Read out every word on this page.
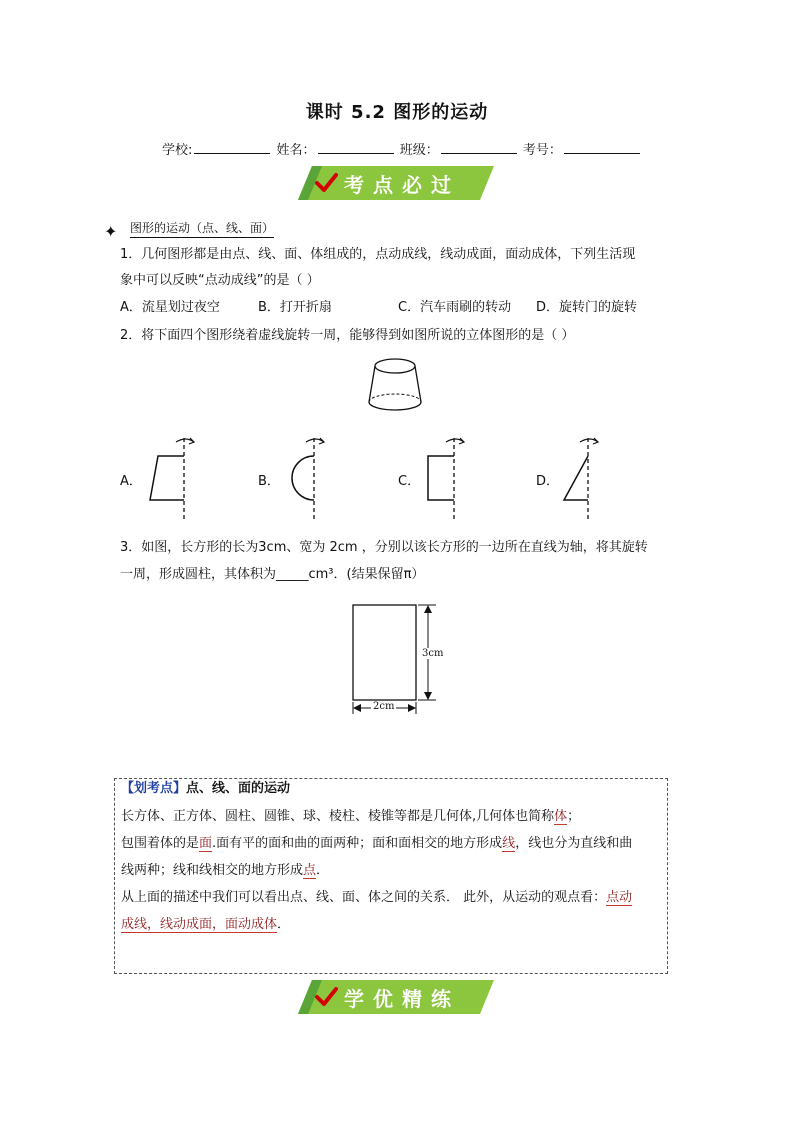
课时 5.2 图形的运动
学校:	姓名：	班级：	考号：
考点必过
✦ 图形的运动（点、线、面）
1．几何图形都是由点、线、面、体组成的，点动成线，线动成面，面动成体，下列生活现
象中可以反映“点动成线”的是（ ）
A．流星划过夜空	B．打开折扇	C．汽车雨刷的转动 D．旋转门的旋转
2．将下面四个图形绕着虚线旋转一周，能够得到如图所说的立体图形的是（ ）
A．	B．	C．	D．
3．如图，长方形的长为3cm、宽为 2cm ，分别以该长方形的一边所在直线为轴，将其旋转
一周，形成圆柱，其体积为_____cm³．(结果保留π）
3cm
2cm
【划考点】点、线、面的运动
长方体、正方体、圆柱、圆锥、球、棱柱、棱锥等都是几何体,几何体也简称体；
包围着体的是面.面有平的面和曲的面两种；面和面相交的地方形成线，线也分为直线和曲
线两种；线和线相交的地方形成点．
从上面的描述中我们可以看出点、线、面、体之间的关系． 此外，从运动的观点看：点动
成线，线动成面，面动成体．
学优精练
